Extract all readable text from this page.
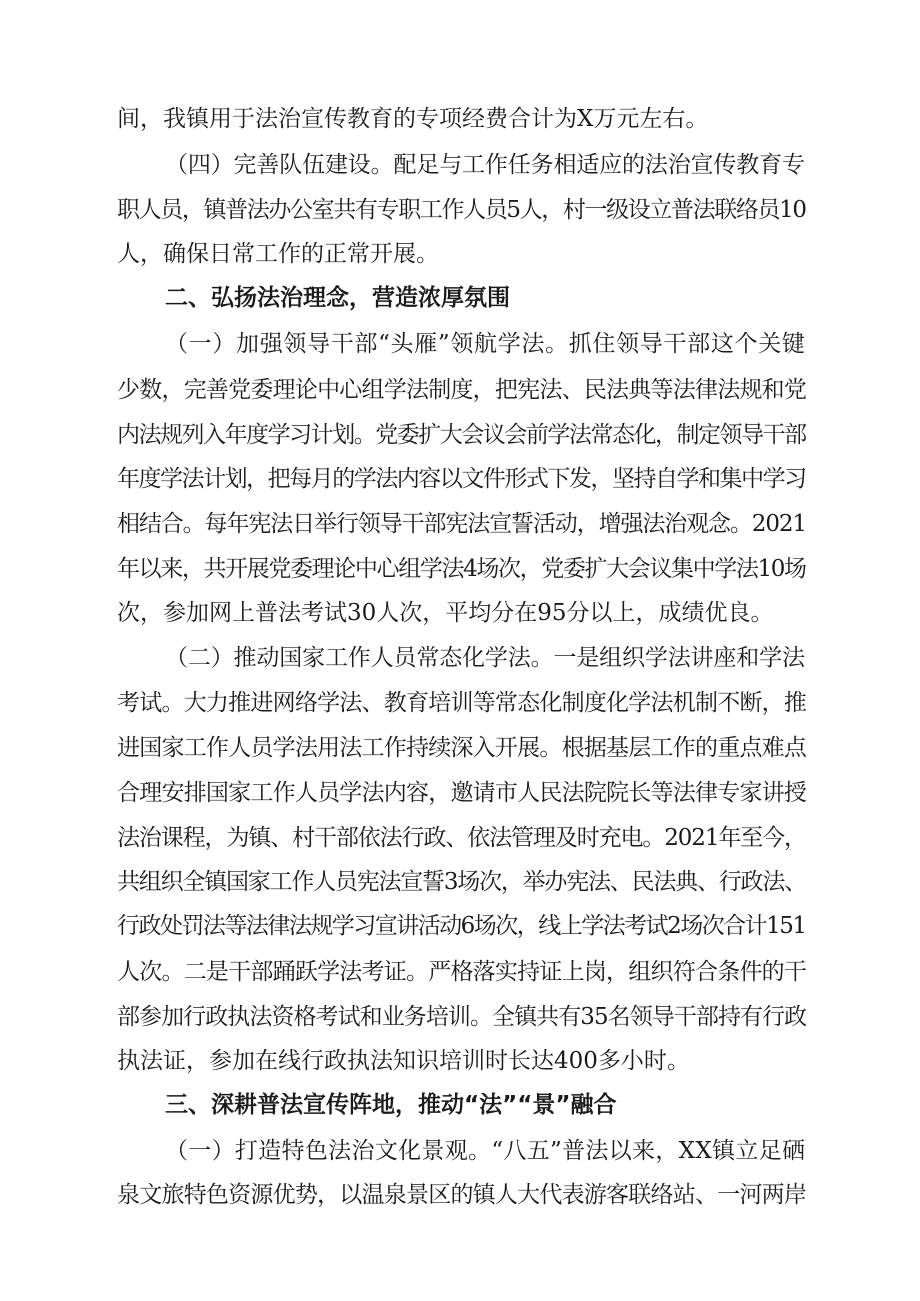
间，我镇用于法治宣传教育的专项经费合计为X万元左右。
（四）完善队伍建设。配足与工作任务相适应的法治宣传教育专
职人员，镇普法办公室共有专职工作人员5人，村一级设立普法联络员10
人，确保日常工作的正常开展。
二、弘扬法治理念，营造浓厚氛围
（一）加强领导干部“头雁”领航学法。抓住领导干部这个关键
少数，完善党委理论中心组学法制度，把宪法、民法典等法律法规和党
内法规列入年度学习计划。党委扩大会议会前学法常态化，制定领导干部
年度学法计划，把每月的学法内容以文件形式下发，坚持自学和集中学习
相结合。每年宪法日举行领导干部宪法宣誓活动，增强法治观念。2021
年以来，共开展党委理论中心组学法4场次，党委扩大会议集中学法10场
次，参加网上普法考试30人次，平均分在95分以上，成绩优良。
（二）推动国家工作人员常态化学法。一是组织学法讲座和学法
考试。大力推进网络学法、教育培训等常态化制度化学法机制不断，推
进国家工作人员学法用法工作持续深入开展。根据基层工作的重点难点
合理安排国家工作人员学法内容，邀请市人民法院院长等法律专家讲授
法治课程，为镇、村干部依法行政、依法管理及时充电。2021年至今，
共组织全镇国家工作人员宪法宣誓3场次，举办宪法、民法典、行政法、
行政处罚法等法律法规学习宣讲活动6场次，线上学法考试2场次合计151
人次。二是干部踊跃学法考证。严格落实持证上岗，组织符合条件的干
部参加行政执法资格考试和业务培训。全镇共有35名领导干部持有行政
执法证，参加在线行政执法知识培训时长达400多小时。
三、深耕普法宣传阵地，推动“法”“景”融合
（一）打造特色法治文化景观。“八五”普法以来，XX镇立足硒
泉文旅特色资源优势，以温泉景区的镇人大代表游客联络站、一河两岸
